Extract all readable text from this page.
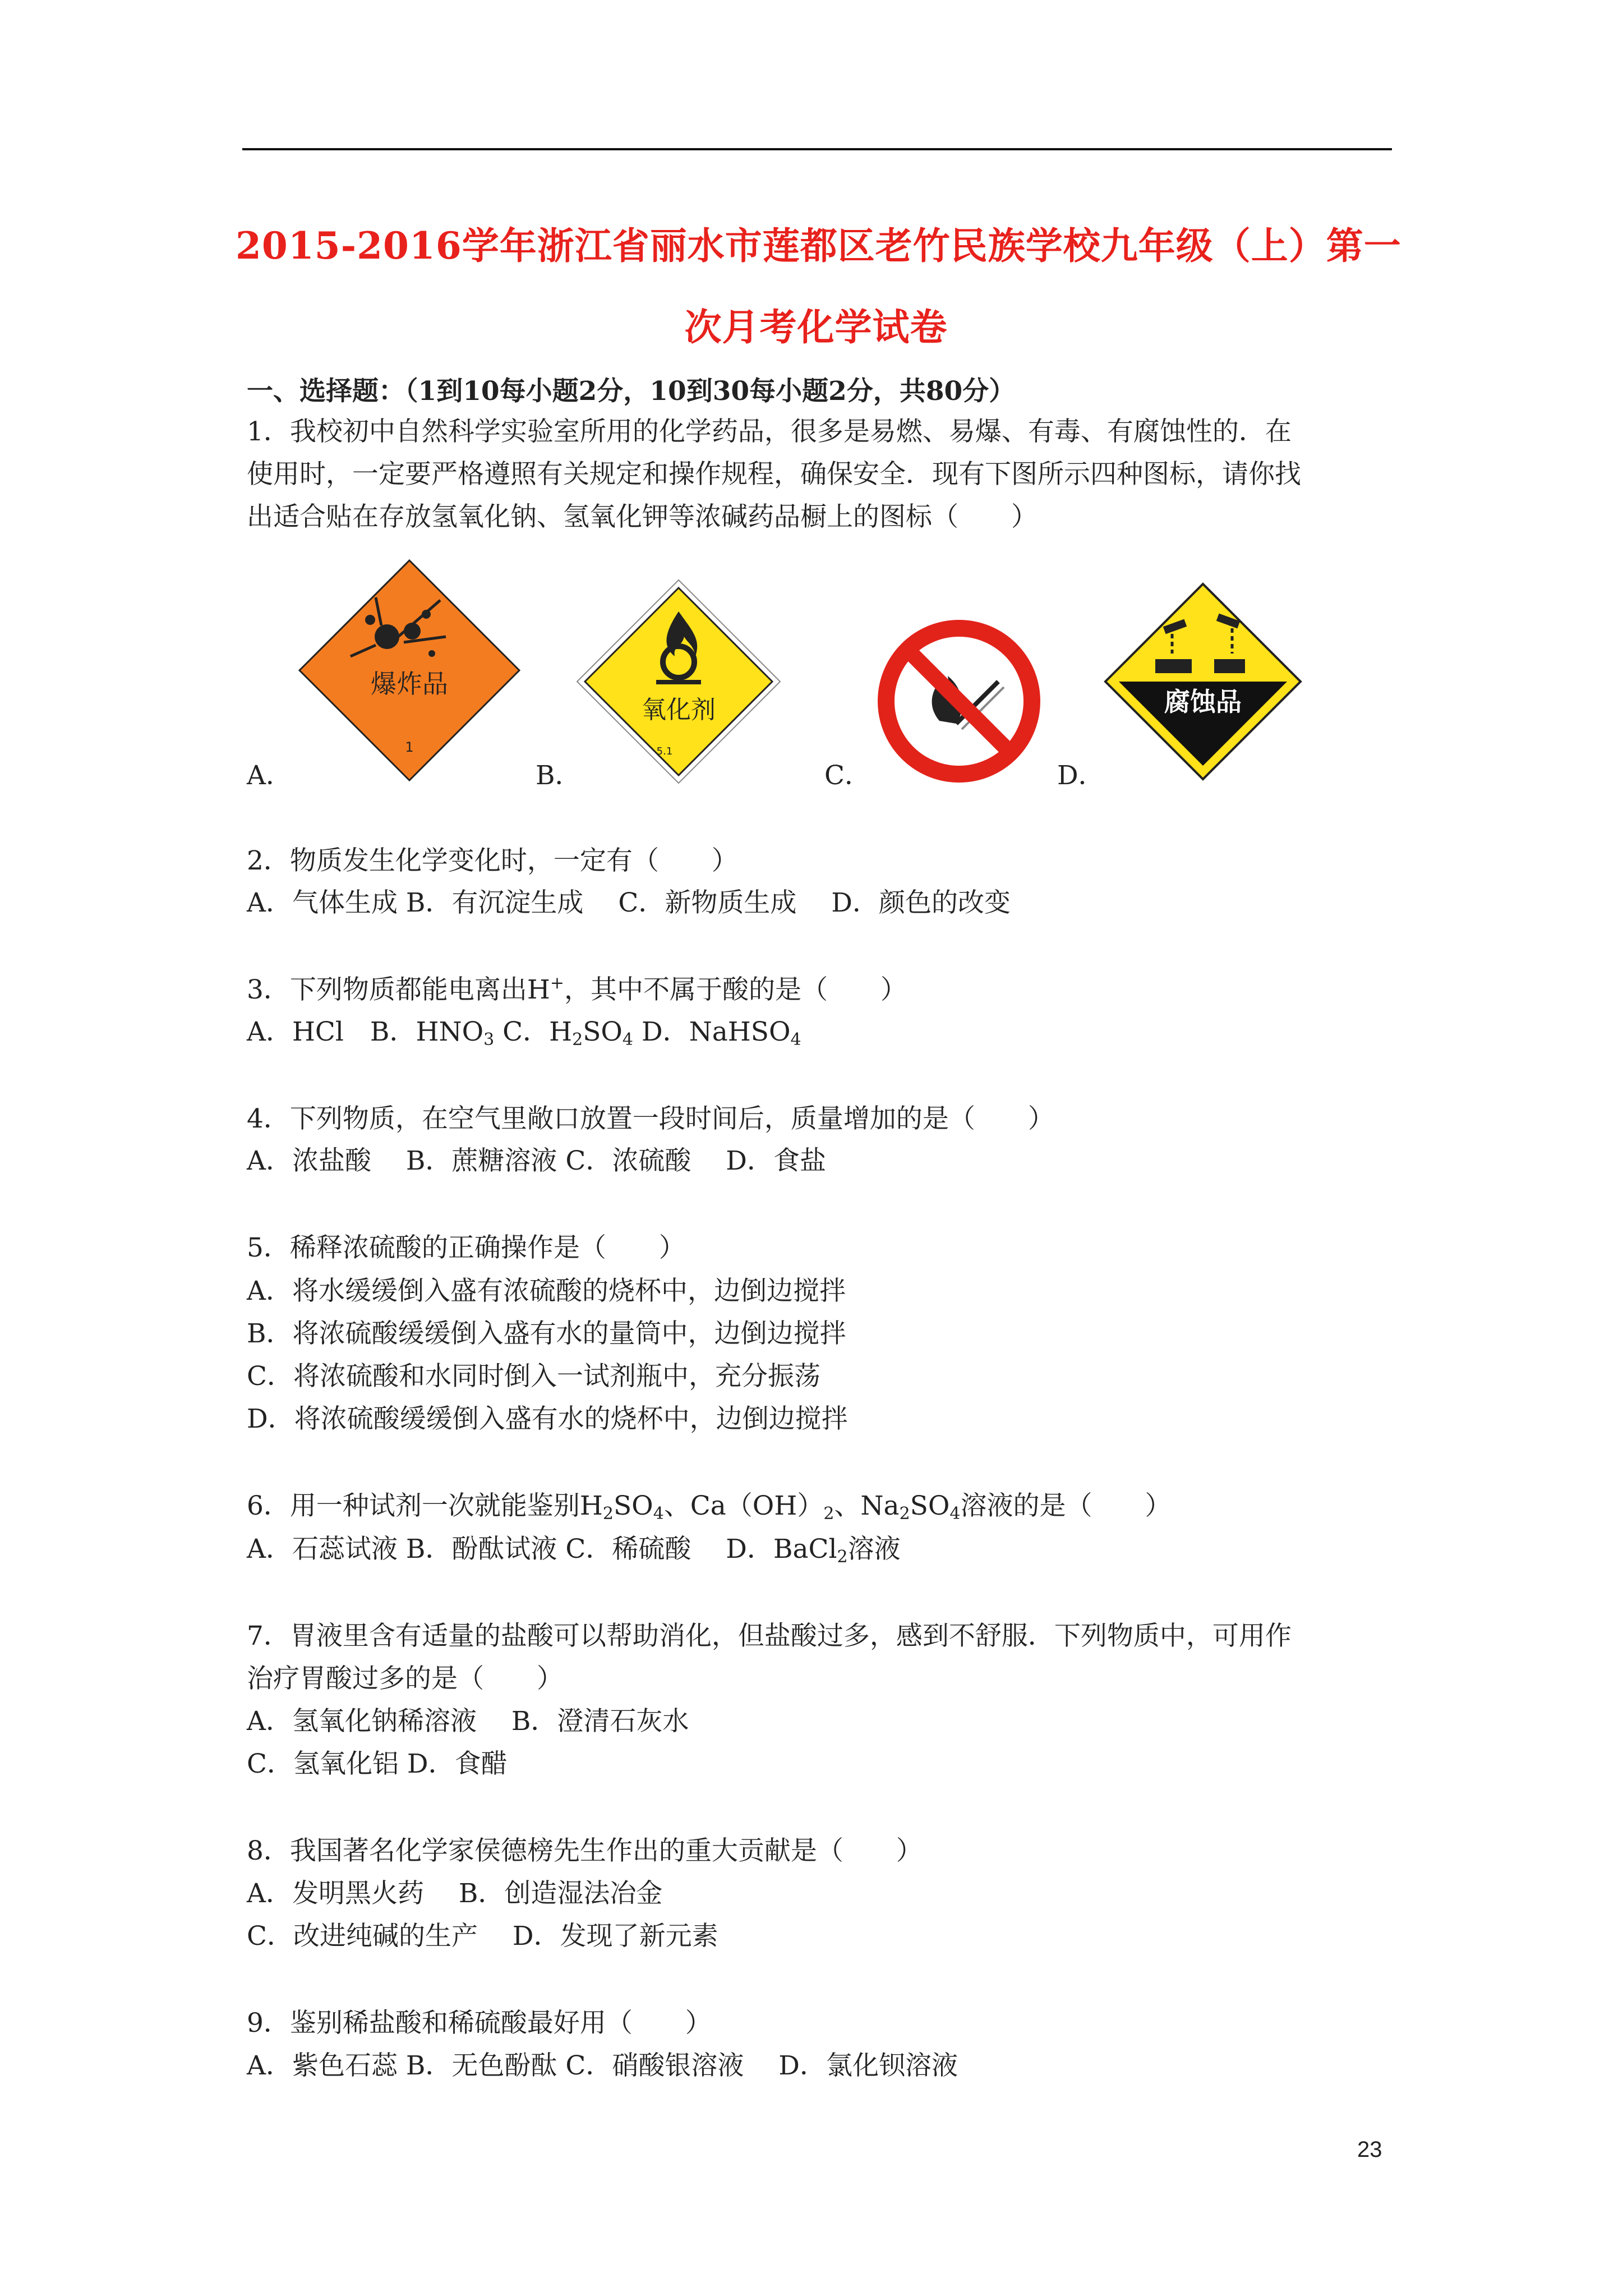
2015-2016学年浙江省丽水市莲都区老竹民族学校九年级（上）第一
次月考化学试卷
一、选择题：（1到10每小题2分，10到30每小题2分，共80分）
1．我校初中自然科学实验室所用的化学药品，很多是易燃、易爆、有毒、有腐蚀性的．在
使用时，一定要严格遵照有关规定和操作规程，确保安全．现有下图所示四种图标，请你找
出适合贴在存放氢氧化钠、氢氧化钾等浓碱药品橱上的图标（　　）
爆炸品
1
氧化剂
5.1
腐蚀品
A．	B．	C．	D．
2．物质发生化学变化时，一定有（　　）
A．气体生成 B．有沉淀生成　 C．新物质生成　 D．颜色的改变
3．下列物质都能电离出H+，其中不属于酸的是（　　）
A．HCl　B．$HNO_3$ C．$H_2SO_4$ D．NaHSO$_4$
4．下列物质，在空气里敞口放置一段时间后，质量增加的是（　　）
A．浓盐酸　 B．蔗糖溶液 C．浓硫酸　 D．食盐
5．稀释浓硫酸的正确操作是（　　）
A．将水缓缓倒入盛有浓硫酸的烧杯中，边倒边搅拌
B．将浓硫酸缓缓倒入盛有水的量筒中，边倒边搅拌
C．将浓硫酸和水同时倒入一试剂瓶中，充分振荡
D．将浓硫酸缓缓倒入盛有水的烧杯中，边倒边搅拌
6．用一种试剂一次就能鉴别$H_2SO_4$、$Ca(OH)_2$、$Na_2SO_4$溶液的是（　　）
A．石蕊试液 B．酚酞试液 C．稀硫酸　 D．BaCl$_2$溶液
7．胃液里含有适量的盐酸可以帮助消化，但盐酸过多，感到不舒服．下列物质中，可用作
治疗胃酸过多的是（　　）
A．氢氧化钠稀溶液　 B．澄清石灰水
C．氢氧化铝 D．食醋
8．我国著名化学家侯德榜先生作出的重大贡献是（　　）
A．发明黑火药　 B．创造湿法冶金
C．改进纯碱的生产　 D．发现了新元素
9．鉴别稀盐酸和稀硫酸最好用（　　）
A．紫色石蕊 B．无色酚酞 C．硝酸银溶液　 D．氯化钡溶液
23
